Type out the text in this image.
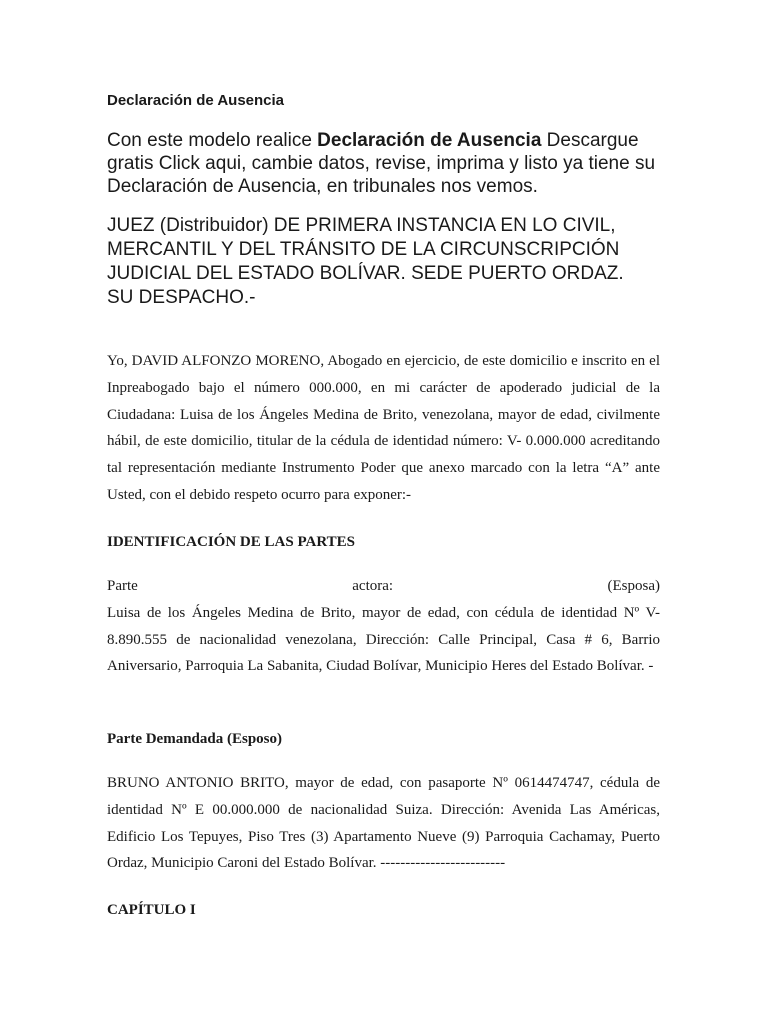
Declaración de Ausencia

Con este modelo realice Declaración de Ausencia Descargue gratis Click aqui, cambie datos, revise, imprima y listo ya tiene su Declaración de Ausencia, en tribunales nos vemos.

JUEZ (Distribuidor) DE PRIMERA INSTANCIA EN LO CIVIL,
MERCANTIL Y DEL TRÁNSITO DE LA CIRCUNSCRIPCIÓN
JUDICIAL DEL ESTADO BOLÍVAR. SEDE PUERTO ORDAZ.
SU DESPACHO.-

Yo, DAVID ALFONZO MORENO, Abogado en ejercicio, de este domicilio e inscrito en el Inpreabogado bajo el número 000.000, en mi carácter de apoderado judicial de la Ciudadana: Luisa de los Ángeles Medina de Brito, venezolana, mayor de edad, civilmente hábil, de este domicilio, titular de la cédula de identidad número: V- 0.000.000 acreditando tal representación mediante Instrumento Poder que anexo marcado con la letra “A” ante Usted, con el debido respeto ocurro para exponer:-

IDENTIFICACIÓN DE LAS PARTES
Parte	actora:	(Esposa)
Luisa de los Ángeles Medina de Brito, mayor de edad, con cédula de identidad Nº V-8.890.555 de nacionalidad venezolana, Dirección: Calle Principal, Casa # 6, Barrio Aniversario, Parroquia La Sabanita, Ciudad Bolívar, Municipio Heres del Estado Bolívar. -
Parte Demandada (Esposo)

BRUNO ANTONIO BRITO, mayor de edad, con pasaporte Nº 0614474747, cédula de identidad Nº E 00.000.000 de nacionalidad Suiza. Dirección: Avenida Las Américas, Edificio Los Tepuyes, Piso Tres (3) Apartamento Nueve (9) Parroquia Cachamay, Puerto Ordaz, Municipio Caroni del Estado Bolívar. -------------------------

CAPÍTULO I
